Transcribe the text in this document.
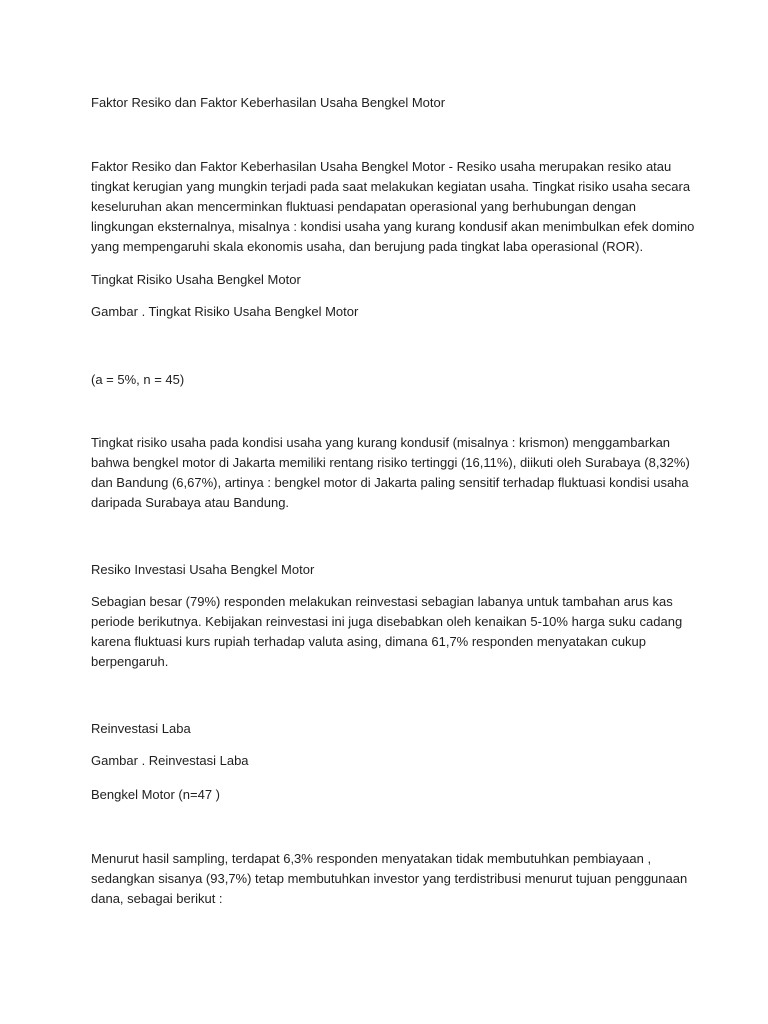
Faktor Resiko dan Faktor Keberhasilan Usaha Bengkel Motor

Faktor Resiko dan Faktor Keberhasilan Usaha Bengkel Motor - Resiko usaha merupakan resiko atau
tingkat kerugian yang mungkin terjadi pada saat melakukan kegiatan usaha. Tingkat risiko usaha secara
keseluruhan akan mencerminkan fluktuasi pendapatan operasional yang berhubungan dengan
lingkungan eksternalnya, misalnya : kondisi usaha yang kurang kondusif akan menimbulkan efek domino
yang mempengaruhi skala ekonomis usaha, dan berujung pada tingkat laba operasional (ROR).

Tingkat Risiko Usaha Bengkel Motor

Gambar . Tingkat Risiko Usaha Bengkel Motor

(a = 5%, n = 45)

Tingkat risiko usaha pada kondisi usaha yang kurang kondusif (misalnya : krismon) menggambarkan
bahwa bengkel motor di Jakarta memiliki rentang risiko tertinggi (16,11%), diikuti oleh Surabaya (8,32%)
dan Bandung (6,67%), artinya : bengkel motor di Jakarta paling sensitif terhadap fluktuasi kondisi usaha
daripada Surabaya atau Bandung.

Resiko Investasi Usaha Bengkel Motor

Sebagian besar (79%) responden melakukan reinvestasi sebagian labanya untuk tambahan arus kas
periode berikutnya. Kebijakan reinvestasi ini juga disebabkan oleh kenaikan 5-10% harga suku cadang
karena fluktuasi kurs rupiah terhadap valuta asing, dimana 61,7% responden menyatakan cukup
berpengaruh.

Reinvestasi Laba

Gambar . Reinvestasi Laba

Bengkel Motor (n=47 )

Menurut hasil sampling, terdapat 6,3% responden menyatakan tidak membutuhkan pembiayaan ,
sedangkan sisanya (93,7%) tetap membutuhkan investor yang terdistribusi menurut tujuan penggunaan
dana, sebagai berikut :
